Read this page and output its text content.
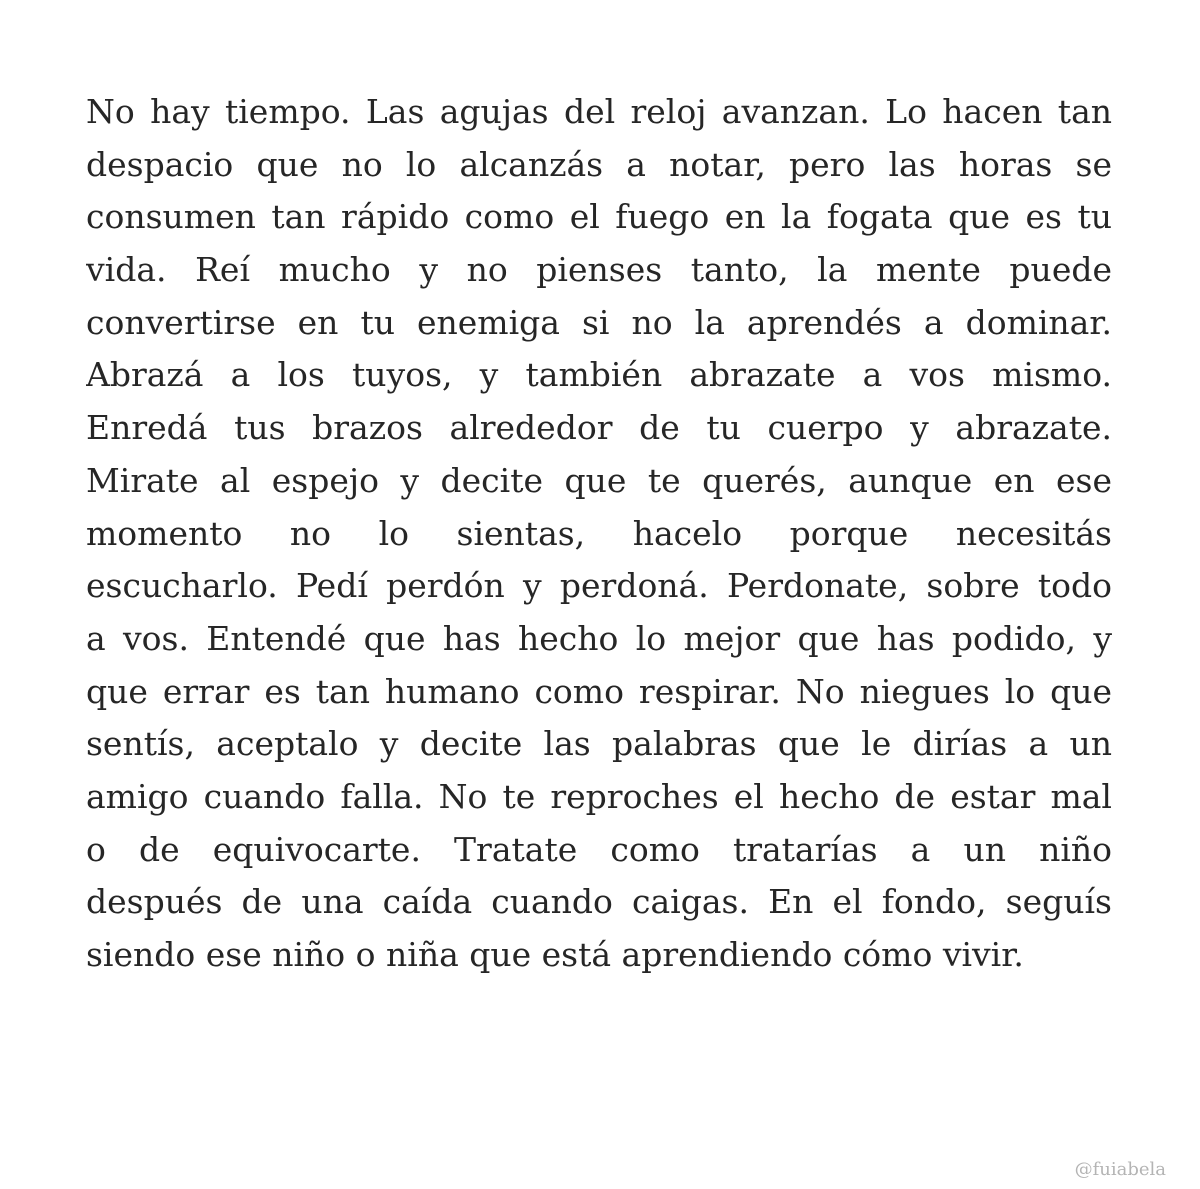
No hay tiempo. Las agujas del reloj avanzan. Lo hacen tan
despacio que no lo alcanzás a notar, pero las horas se
consumen tan rápido como el fuego en la fogata que es tu
vida. Reí mucho y no pienses tanto, la mente puede
convertirse en tu enemiga si no la aprendés a dominar.
Abrazá a los tuyos, y también abrazate a vos mismo.
Enredá tus brazos alrededor de tu cuerpo y abrazate.
Mirate al espejo y decite que te querés, aunque en ese
momento no lo sientas, hacelo porque necesitás
escucharlo. Pedí perdón y perdoná. Perdonate, sobre todo
a vos. Entendé que has hecho lo mejor que has podido, y
que errar es tan humano como respirar. No niegues lo que
sentís, aceptalo y decite las palabras que le dirías a un
amigo cuando falla. No te reproches el hecho de estar mal
o de equivocarte. Tratate como tratarías a un niño
después de una caída cuando caigas. En el fondo, seguís
siendo ese niño o niña que está aprendiendo cómo vivir.
@fuiabela
